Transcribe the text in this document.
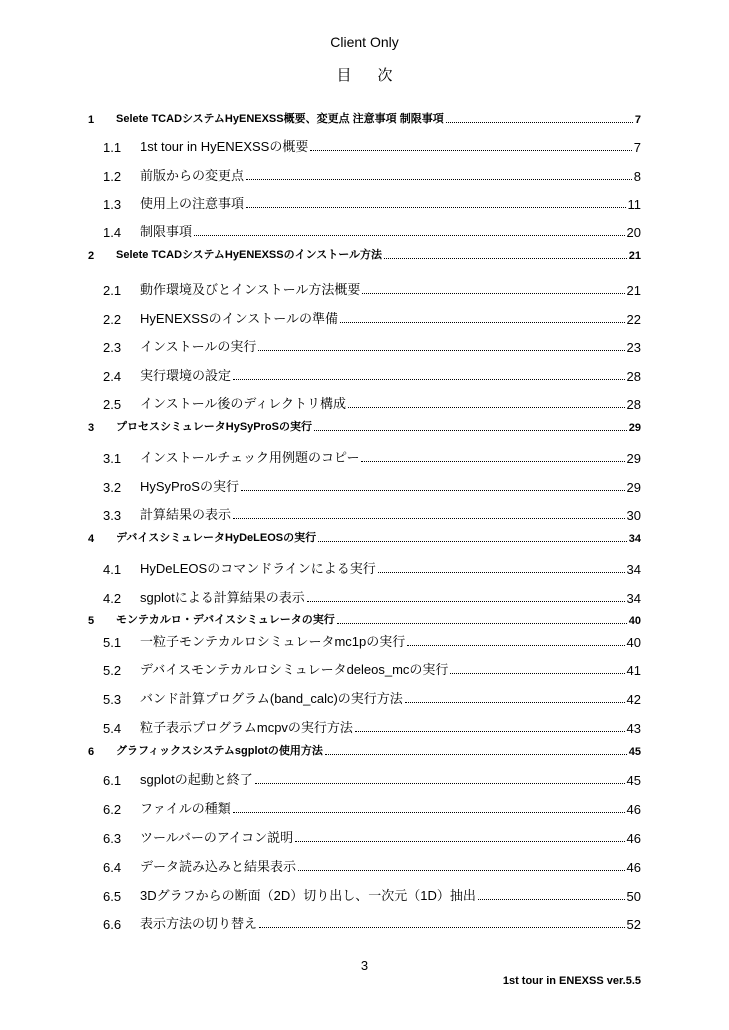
Client Only
目次
1	Selete TCADシステムHyENEXSS概要、変更点 注意事項 制限事項	7
1.1	1st tour in HyENEXSSの概要	7
1.2	前版からの変更点	8
1.3	使用上の注意事項	11
1.4	制限事項	20
2	Selete TCADシステムHyENEXSSのインストール方法	21
2.1	動作環境及びとインストール方法概要	21
2.2	HyENEXSSのインストールの準備	22
2.3	インストールの実行	23
2.4	実行環境の設定	28
2.5	インストール後のディレクトリ構成	28
3	プロセスシミュレータHySyProSの実行	29
3.1	インストールチェック用例題のコピー	29
3.2	HySyProSの実行	29
3.3	計算結果の表示	30
4	デバイスシミュレータHyDeLEOSの実行	34
4.1	HyDeLEOSのコマンドラインによる実行	34
4.2	sgplotによる計算結果の表示	34
5	モンテカルロ・デバイスシミュレータの実行	40
5.1	一粒子モンテカルロシミュレータmc1pの実行	40
5.2	デバイスモンテカルロシミュレータdeleos_mcの実行	41
5.3	バンド計算プログラム(band_calc)の実行方法	42
5.4	粒子表示プログラムmcpvの実行方法	43
6	グラフィックスシステムsgplotの使用方法	45
6.1	sgplotの起動と終了	45
6.2	ファイルの種類	46
6.3	ツールバーのアイコン説明	46
6.4	データ読み込みと結果表示	46
6.5	3Dグラフからの断面（2D）切り出し、一次元（1D）抽出	50
6.6	表示方法の切り替え	52
3
1st tour in ENEXSS ver.5.5
